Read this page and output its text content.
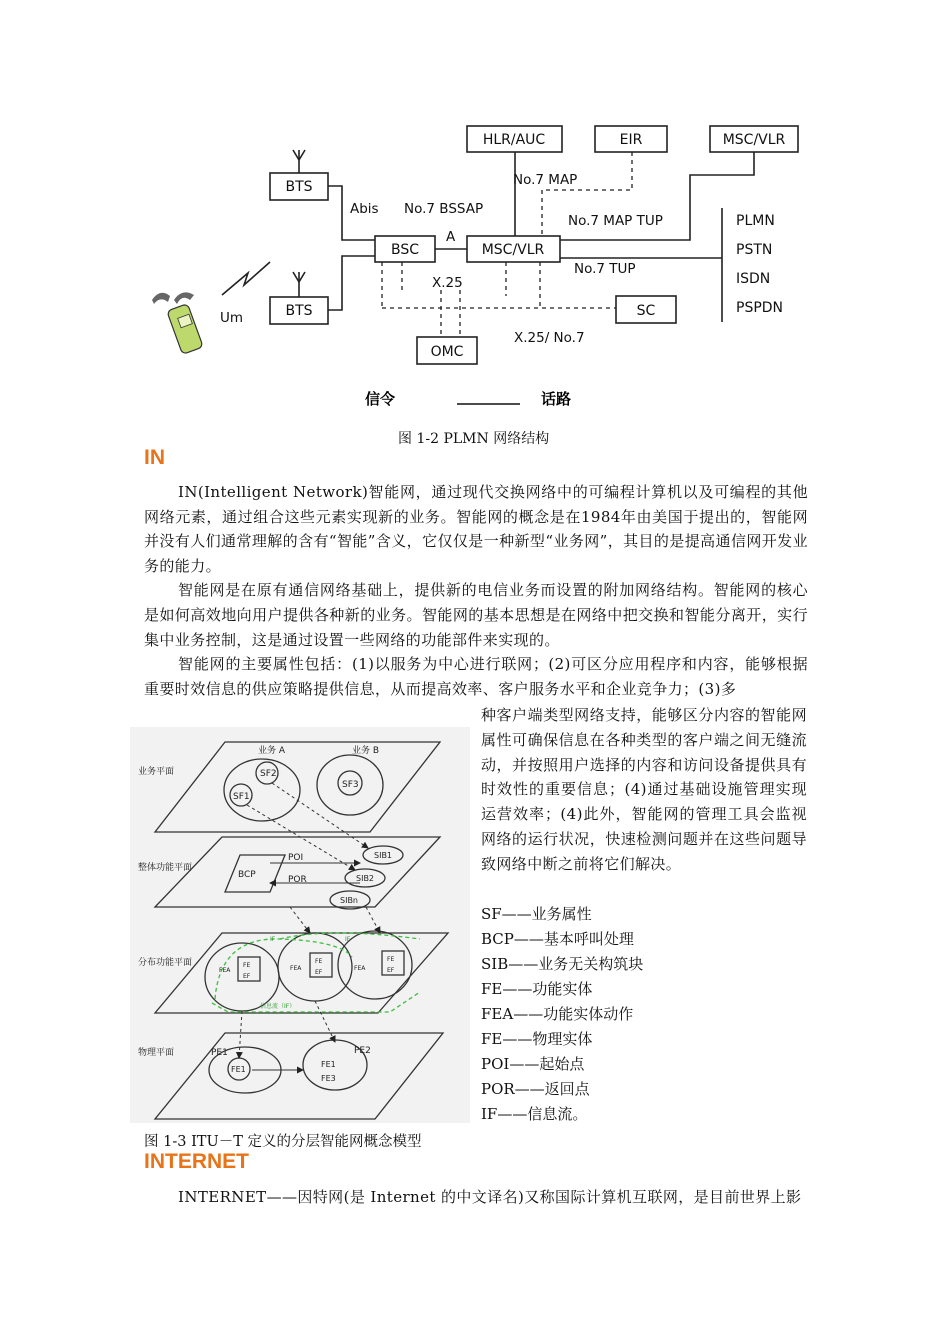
HLR/AUC	EIR	MSC/VLR
BTS
BSC	MSC/VLR
BTS	SC
OMC
No.7 MAP
Abis No.7 BSSAP
A
No.7 MAP TUP
No.7 TUP
X.25
X.25/ No.7
Um
PLMN
PSTN
ISDN
PSPDN
信令	话路
图 1-2 PLMN 网络结构
IN

IN(Intelligent Network)智能网，通过现代交换网络中的可编程计算机以及可编程的其他网络元素，通过组合这些元素实现新的业务。智能网的概念是在1984年由美国于提出的，智能网并没有人们通常理解的含有“智能”含义，它仅仅是一种新型“业务网”，其目的是提高通信网开发业务的能力。

智能网是在原有通信网络基础上，提供新的电信业务而设置的附加网络结构。智能网的核心是如何高效地向用户提供各种新的业务。智能网的基本思想是在网络中把交换和智能分离开，实行集中业务控制，这是通过设置一些网络的功能部件来实现的。

智能网的主要属性包括：(1)以服务为中心进行联网；(2)可区分应用程序和内容，能够根据重要时效信息的供应策略提供信息，从而提高效率、客户服务水平和企业竞争力；(3)多

业务平面
整体功能平面
分布功能平面
物理平面
业务 A	业务 B
SF2
SF1
SF3
BCP
POI
POR
SIB1
SIB2
SIBn
PE1	PE2
FE1
FE1
FE3
FEA	FEA	FEA
FE
FE	FE
EF
EF	EF
IF	IF
信息流（IF）
种客户端类型网络支持，能够区分内容的智能网属性可确保信息在各种类型的客户端之间无缝流动，并按照用户选择的内容和访问设备提供具有时效性的重要信息；(4)通过基础设施管理实现运营效率；(4)此外，智能网的管理工具会监视网络的运行状况，快速检测问题并在这些问题导致网络中断之前将它们解决。
SF——业务属性
BCP——基本呼叫处理
SIB——业务无关构筑块
FE——功能实体
FEA——功能实体动作
FE——物理实体
POI——起始点
POR——返回点
IF——信息流。
图 1-3 ITU－T 定义的分层智能网概念模型
INTERNET

INTERNET——因特网(是 Internet 的中文译名)又称国际计算机互联网，是目前世界上影
